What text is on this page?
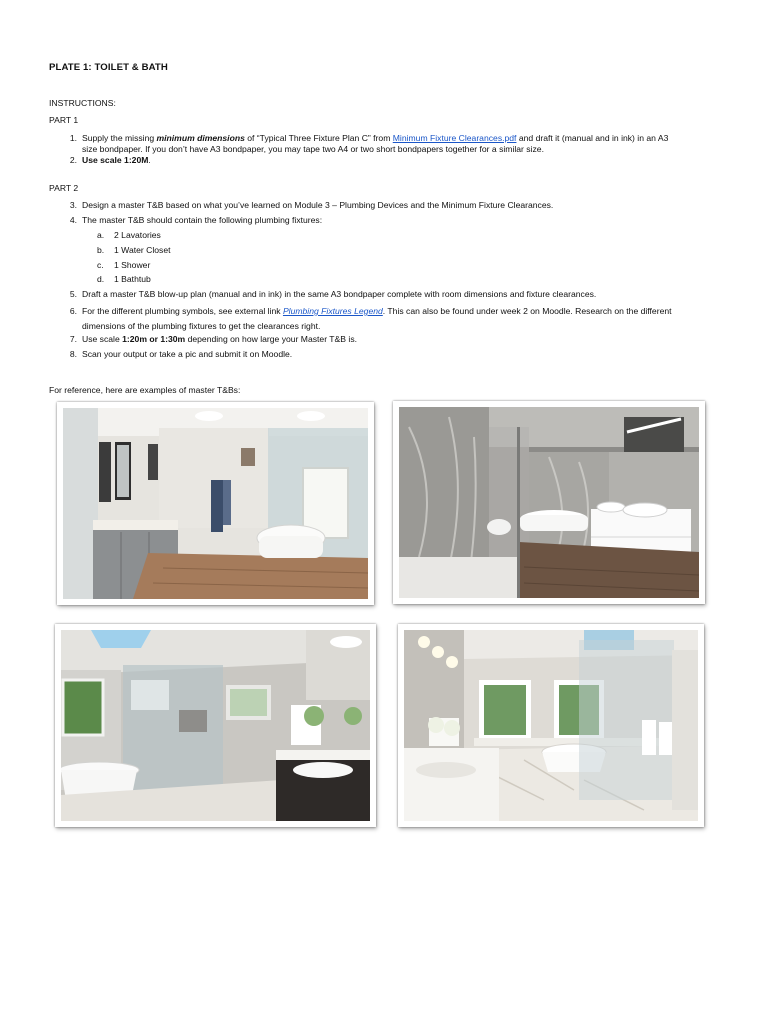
PLATE 1: TOILET & BATH
INSTRUCTIONS:
PART 1
1. Supply the missing minimum dimensions of “Typical Three Fixture Plan C” from Minimum Fixture Clearances.pdf and draft it (manual and in ink) in an A3
size bondpaper. If you don’t have A3 bondpaper, you may tape two A4 or two short bondpapers together for a similar size.
2. Use scale 1:20M.
PART 2
3. Design a master T&B based on what you’ve learned on Module 3 – Plumbing Devices and the Minimum Fixture Clearances.
4. The master T&B should contain the following plumbing fixtures:
a. 2 Lavatories
b. 1 Water Closet
c. 1 Shower
d. 1 Bathtub
5. Draft a master T&B blow-up plan (manual and in ink) in the same A3 bondpaper complete with room dimensions and fixture clearances.
6. For the different plumbing symbols, see external link Plumbing Fixtures Legend. This can also be found under week 2 on Moodle. Research on the different
dimensions of the plumbing fixtures to get the clearances right.
7. Use scale 1:20m or 1:30m depending on how large your Master T&B is.
8. Scan your output or take a pic and submit it on Moodle.
For reference, here are examples of master T&Bs:
